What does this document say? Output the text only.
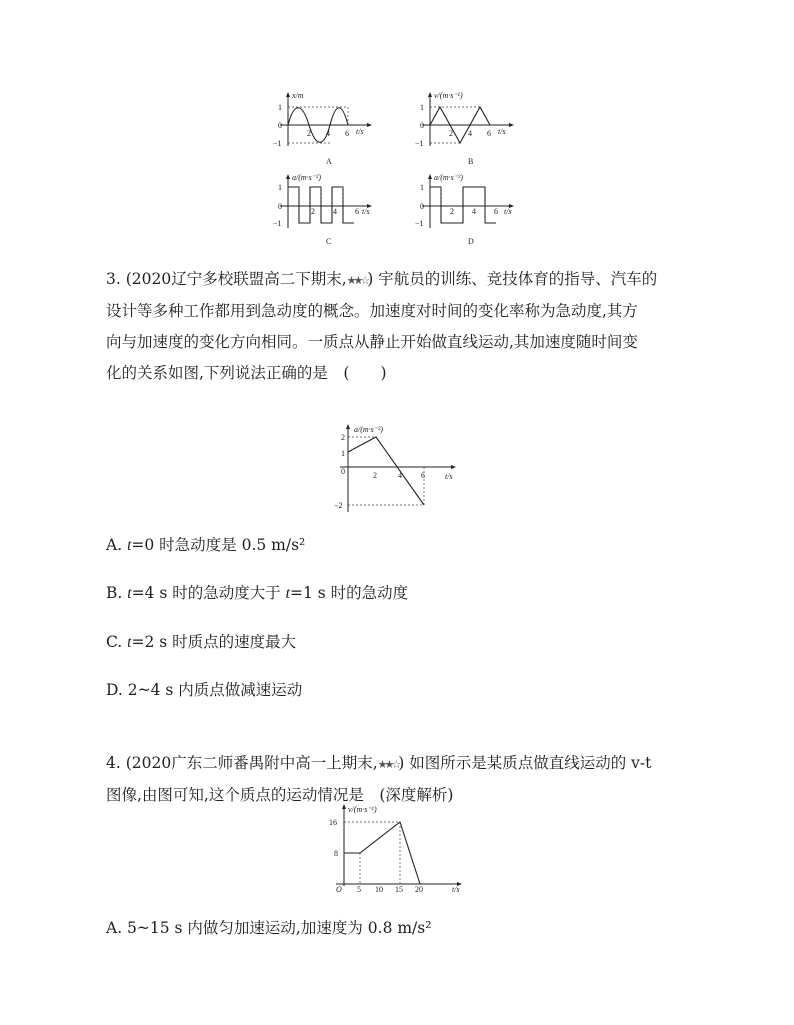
x/m
t/s
1
0
−1
2 4 6
A
v/(m·s⁻¹)
t/s
1
0
−1
2 4 6
B
a/(m·s⁻²)
t/s
1
0
−1
2 4 6
C
a/(m·s⁻²)
t/s
1
0
−1
2 4 6
D
3. (2020辽宁多校联盟高二下期末,★★☆) 宇航员的训练、竞技体育的指导、汽车的
设计等多种工作都用到急动度的概念。加速度对时间的变化率称为急动度,其方
向与加速度的变化方向相同。一质点从静止开始做直线运动,其加速度随时间变
化的关系如图,下列说法正确的是　(　　)
a/(m·s⁻²)
t/s
2
1
0
−2
2	4 6
A. t=0 时急动度是 0.5 m/s²
B. t=4 s 时的急动度大于 t=1 s 时的急动度
C. t=2 s 时质点的速度最大
D. 2~4 s 内质点做减速运动
4. (2020广东二师番禺附中高一上期末,★★☆) 如图所示是某质点做直线运动的 v-t
图像,由图可知,这个质点的运动情况是　(深度解析)
v/(m·s⁻¹)
t/s
O
16
8
5 10 15 20
A. 5~15 s 内做匀加速运动,加速度为 0.8 m/s²
